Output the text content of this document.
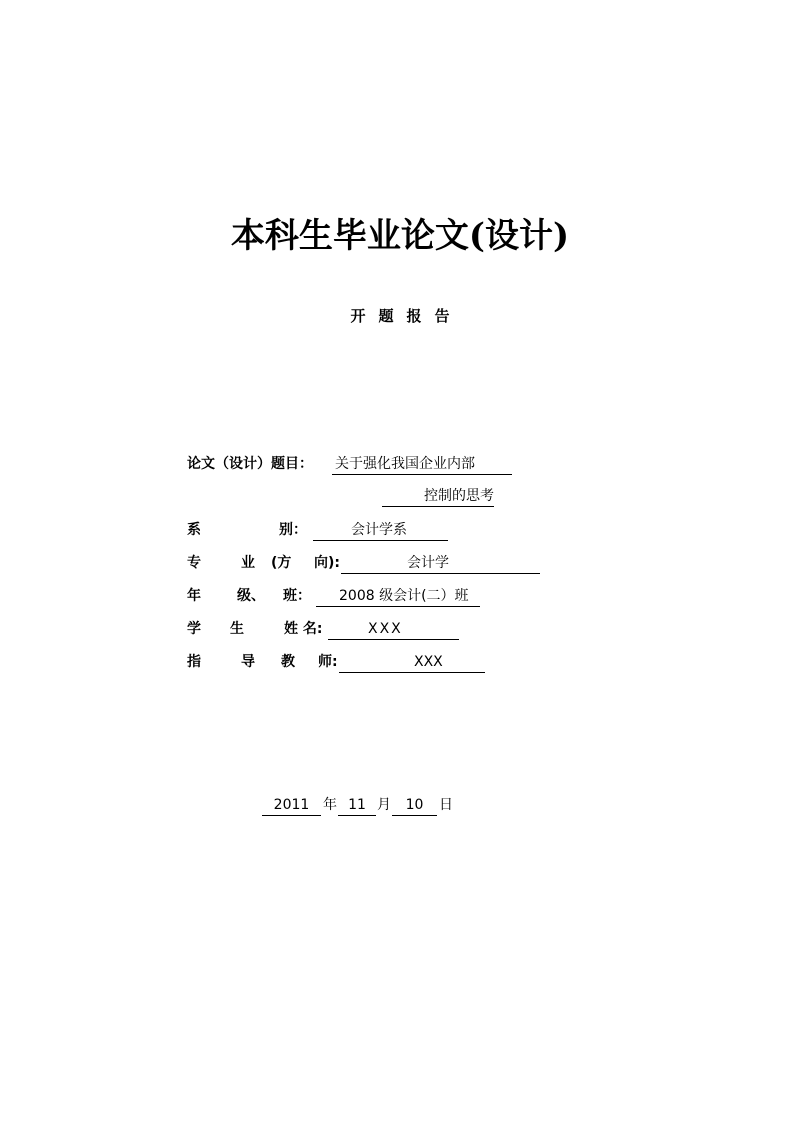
本科生毕业论文(设计)
开题报告
论文（设计）题目： 关于强化我国企业内部
控制的思考
系	别：	会计学系
专	业 (方 向):	会计学
年	级、 班：	2008 级会计(二）班
学 生	姓 名:	XXX
指	导 教 师:	XXX
2011 年 11 月	10	日
